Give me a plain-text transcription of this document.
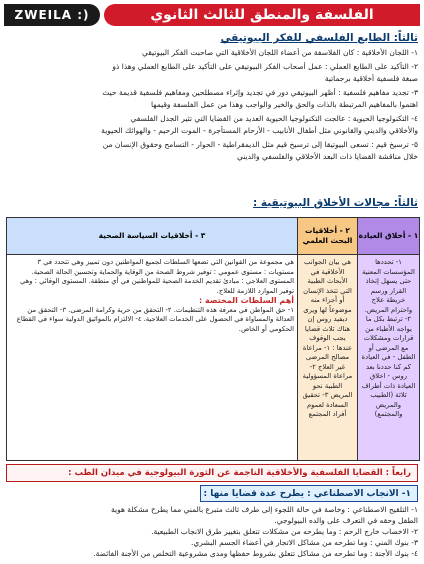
ZWEILA :)	الفلسفة والمنطق للثالث الثانوي
ثالثاً: الطابع الفلسفي للفكر البيوتيقي
١- اللجان الأخلاقية : كان الفلاسفة من أعضاء اللجان الأخلاقية التي صاحبت الفكر البيوتيقي
٢- التأكيد على الطابع العملي : عمل أصحاب الفكر البيوتيقي على التأكيد على الطابع العملي وهذا ذو
صبغة فلسفية أخلاقية برجماتية
٣- تجديد مفاهيم فلسفية : أظهر البيوتيقي دور في تجديد وإثراء مصطلحين ومفاهيم فلسفية قديمة حيث
اهتموا بالمفاهيم المرتبطة بالذات والحق والخير والواجب وهذا من عمل الفلسفة وقيمها
٤- التكنولوجيا الحيوية : عالجت التكنولوجيا الحيوية العديد من القضايا التي تثير الجدل الفلسفي
والأخلاقي والديني والقانوني مثل أطفال الأنابيب - الأرحام المستأجرة - الموت الرحيم - والهوائك الحيوية
٥- ترسيخ قيم : تسعى البيوتيقا إلى ترسيخ قيم مثل الديمقراطية - الحوار - التسامح وحقوق الإنسان من
خلال مناقشة القضايا ذات البعد الأخلاقي والفلسفي والديني
ثالثاً: مجالات الأخلاق البيوتيقية :
١ - أخلاق العيادة
١- تحددها المؤسسات المعنية حتى يسهل إتخاذ القرار ورسم خريطة علاج واحترام المريض. ٢- ترتبط بكل ما يواجه الأطباء من قرارات ومشكلات مع المرضى أو الطفل - في العيادة كم كنا حددنا بعد روس - اخلاق العيادة ذات أطراف ثلاثة (الطبيب والمريض والمجتمع)
٢ - أخلاقيات البحث العلمي
هي بيان الجوانب الأخلاقية في الأبحاث الطبية التي تتخذ الإنسان أو أجزاء منه موضوعاً لها ويرى ديفيد روس إن هناك ثلاث قضايا يجب الوقوف عندها : ١- مراعاة مصالح المرضى غير العلاج ٢- مراعاة المسؤولية الطبية نحو المريض ٣- تحقيق السعادة لعموم أفراد المجتمع
٣ - أخلاقيات السياسة الصحية
هي مجموعة من القوانين التي تضعها السلطات لجميع المواطنين دون تمييز وهي تتحدد في ٣ مستويات : مستوى عمومي : توفير شروط الصحة من الوقاية والحماية وتحسين الحالة الصحية. المستوى العلاجي : مبادئ تقديم الخدمة الصحية للمواطنين في أي منطقة. المستوى الوقائي : وهي توفير الموارد اللازمة للعلاج.
أهم السلطات المختصة :
١- حق المواطن في معرفة هذه التنظيمات. ٢- التحقق من حرية وكرامة المرضى. ٣- التحقق من العدالة والمساواة في الحصول على الخدمات العلاجية. ٤- الالتزام بالمواثيق الدولية سواء في القطاع الحكومي أو الخاص.
رابعاً : القضايا الفلسفية والأخلاقية الناجمة عن الثورة البيولوجية في ميدان الطب :
١- الانجاب الاصطناعي : يطرح عدة قضايا منها :
١- التلقيح الاصطناعي : وخاصة في حالة اللجوء إلى طرف ثالث متبرع بالمني مما يطرح مشكلة هوية
الطفل وحقه في التعرف على والده البيولوجي.
٢- الاخصاب خارج الرحم : وما يطرحه من مشكلات تتعلق بتغيير طرق الانجاب الطبيعية.
٣- بنوك المني : وما تطرحه من مشاكل الاتجار في أعضاء الجسم البشري.
٤- بنوك الأجنة : وما تطرحه من مشاكل تتعلق بشروط حفظها ومدى مشروعية التخلص من الأجنة الفائضة.
